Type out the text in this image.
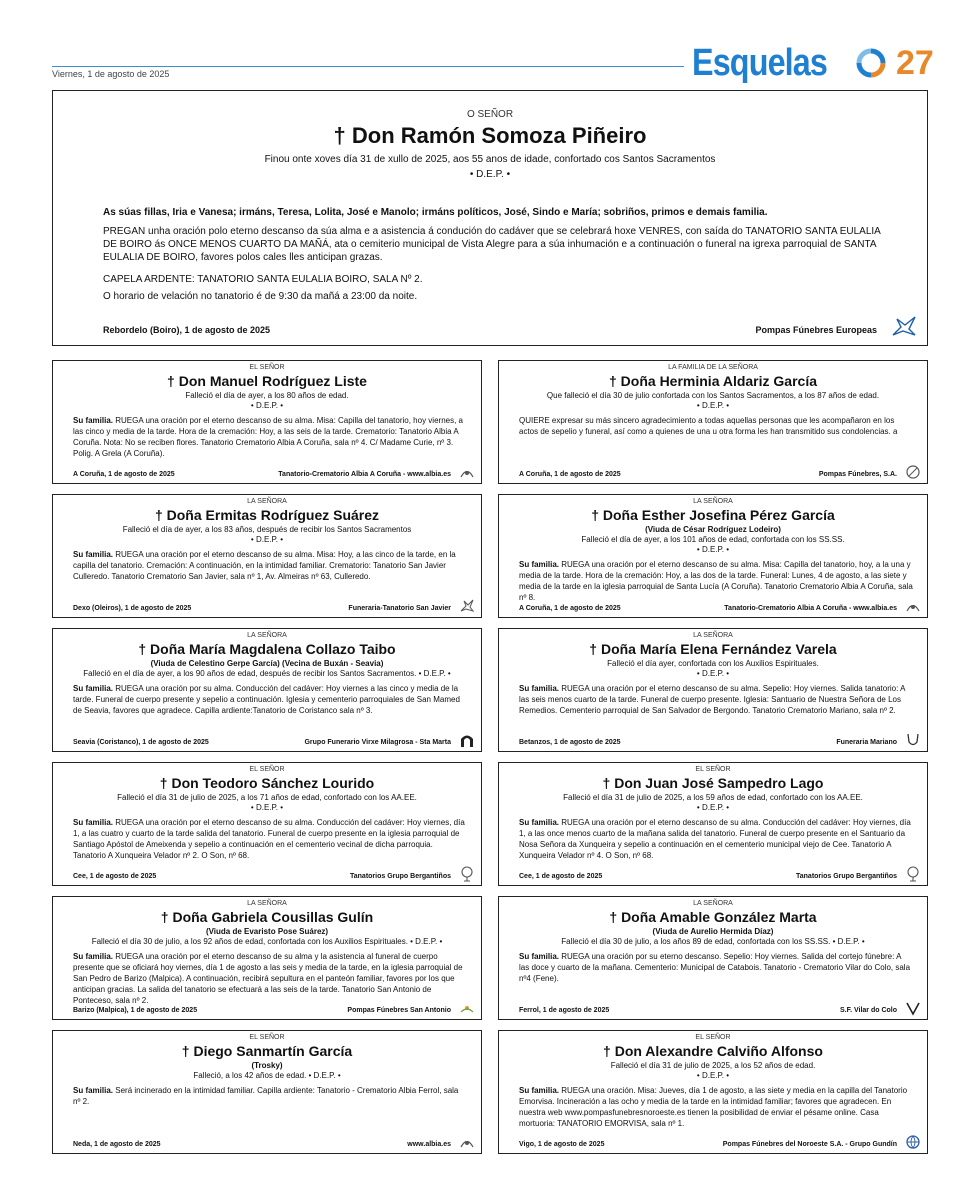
Viernes, 1 de agosto de 2025	Esquelas 27
O SEÑOR
† Don Ramón Somoza Piñeiro
Finou onte xoves día 31 de xullo de 2025, aos 55 anos de idade, confortado cos Santos Sacramentos
• D.E.P. •
As súas fillas, Iria e Vanesa; irmáns, Teresa, Lolita, José e Manolo; irmáns políticos, José, Sindo e María; sobriños, primos e demais familia.
PREGAN unha oración polo eterno descanso da súa alma e a asistencia á condución do cadáver que se celebrará hoxe VENRES, con saída do TANATORIO SANTA EULALIA DE BOIRO ás ONCE MENOS CUARTO DA MAÑÁ, ata o cemiterio municipal de Vista Alegre para a súa inhumación e a continuación o funeral na igrexa parroquial de SANTA EULALIA DE BOIRO, favores polos cales lles anticipan grazas.
CAPELA ARDENTE: TANATORIO SANTA EULALIA BOIRO, SALA Nº 2.
O horario de velación no tanatorio é de 9:30 da mañá a 23:00 da noite.
Rebordelo (Boiro), 1 de agosto de 2025	Pompas Fúnebres Europeas
EL SEÑOR
† Don Manuel Rodríguez Liste
Falleció el día de ayer, a los 80 años de edad.
• D.E.P. •
Su familia. RUEGA una oración por el eterno descanso de su alma. Misa: Capilla del tanatorio, hoy viernes, a las cinco y media de la tarde. Hora de la cremación: Hoy, a las seis de la tarde. Crematorio: Tanatorio Albia A Coruña. Nota: No se reciben flores. Tanatorio Crematorio Albia A Coruña, sala nº 4. C/ Madame Curie, nº 3. Polig. A Grela (A Coruña).
A Coruña, 1 de agosto de 2025	Tanatorio-Crematorio Albia A Coruña - www.albia.es
LA FAMILIA DE LA SEÑORA
† Doña Herminia Aldariz García
Que falleció el día 30 de julio confortada con los Santos Sacramentos, a los 87 años de edad.
• D.E.P. •
QUIERE expresar su más sincero agradecimiento a todas aquellas personas que les acompañaron en los actos de sepelio y funeral, así como a quienes de una u otra forma les han transmitido sus condolencias. a
A Coruña, 1 de agosto de 2025	Pompas Fúnebres, S.A.
LA SEÑORA
† Doña Ermitas Rodríguez Suárez
Falleció el día de ayer, a los 83 años, después de recibir los Santos Sacramentos
• D.E.P. •
Su familia. RUEGA una oración por el eterno descanso de su alma. Misa: Hoy, a las cinco de la tarde, en la capilla del tanatorio. Cremación: A continuación, en la intimidad familiar. Crematorio: Tanatorio San Javier Culleredo. Tanatorio Crematorio San Javier, sala nº 1, Av. Almeiras nº 63, Culleredo.
Dexo (Oleiros), 1 de agosto de 2025	Funeraria-Tanatorio San Javier
LA SEÑORA
† Doña Esther Josefina Pérez García
(Viuda de César Rodríguez Lodeiro)
Falleció el día de ayer, a los 101 años de edad, confortada con los SS.SS.
• D.E.P. •
Su familia. RUEGA una oración por el eterno descanso de su alma. Misa: Capilla del tanatorio, hoy, a la una y media de la tarde. Hora de la cremación: Hoy, a las dos de la tarde. Funeral: Lunes, 4 de agosto, a las siete y media de la tarde en la iglesia parroquial de Santa Lucía (A Coruña). Tanatorio Crematorio Albia A Coruña, sala nº 8.
A Coruña, 1 de agosto de 2025	Tanatorio-Crematorio Albia A Coruña - www.albia.es
LA SEÑORA
† Doña María Magdalena Collazo Taibo
(Viuda de Celestino Gerpe García) (Vecina de Buxán - Seavia)
Falleció en el día de ayer, a los 90 años de edad, después de recibir los Santos Sacramentos. • D.E.P. •
Su familia. RUEGA una oración por su alma. Conducción del cadáver: Hoy viernes a las cinco y media de la tarde. Funeral de cuerpo presente y sepelio a continuación. Iglesia y cementerio parroquiales de San Mamed de Seavia, favores que agradece. Capilla ardiente:Tanatorio de Coristanco sala nº 3.
Seavia (Coristanco), 1 de agosto de 2025	Grupo Funerario Virxe Milagrosa - Sta Marta
LA SEÑORA
† Doña María Elena Fernández Varela
Falleció el día ayer, confortada con los Auxilios Espirituales.
• D.E.P. •
Su familia. RUEGA una oración por el eterno descanso de su alma. Sepelio: Hoy viernes. Salida tanatorio: A las seis menos cuarto de la tarde. Funeral de cuerpo presente. Iglesia: Santuario de Nuestra Señora de Los Remedios. Cementerio parroquial de San Salvador de Bergondo. Tanatorio Crematorio Mariano, sala nº 2.
Betanzos, 1 de agosto de 2025	Funeraria Mariano
EL SEÑOR
† Don Teodoro Sánchez Lourido
Falleció el día 31 de julio de 2025, a los 71 años de edad, confortado con los AA.EE.
• D.E.P. •
Su familia. RUEGA una oración por el eterno descanso de su alma. Conducción del cadáver: Hoy viernes, día 1, a las cuatro y cuarto de la tarde salida del tanatorio. Funeral de cuerpo presente en la iglesia parroquial de Santiago Apóstol de Ameixenda y sepelio a continuación en el cementerio vecinal de dicha parroquia. Tanatorio A Xunqueira Velador nº 2. O Son, nº 68.
Cee, 1 de agosto de 2025	Tanatorios Grupo Bergantiños
EL SEÑOR
† Don Juan José Sampedro Lago
Falleció el día 31 de julio de 2025, a los 59 años de edad, confortado con los AA.EE.
• D.E.P. •
Su familia. RUEGA una oración por el eterno descanso de su alma. Conducción del cadáver: Hoy viernes, día 1, a las once menos cuarto de la mañana salida del tanatorio. Funeral de cuerpo presente en el Santuario da Nosa Señora da Xunqueira y sepelio a continuación en el cementerio municipal viejo de Cee. Tanatorio A Xunqueira Velador nº 4. O Son, nº 68.
Cee, 1 de agosto de 2025	Tanatorios Grupo Bergantiños
LA SEÑORA
† Doña Gabriela Cousillas Gulín
(Viuda de Evaristo Pose Suárez)
Falleció el día 30 de julio, a los 92 años de edad, confortada con los Auxilios Espirituales. • D.E.P. •
Su familia. RUEGA una oración por el eterno descanso de su alma y la asistencia al funeral de cuerpo presente que se oficiará hoy viernes, día 1 de agosto a las seis y media de la tarde, en la iglesia parroquial de San Pedro de Barizo (Malpica). A continuación, recibirá sepultura en el panteón familiar, favores por los que anticipan gracias. La salida del tanatorio se efectuará a las seis de la tarde. Tanatorio San Antonio de Ponteceso, sala nº 2.
Barizo (Malpica), 1 de agosto de 2025	Pompas Fúnebres San Antonio
LA SEÑORA
† Doña Amable González Marta
(Viuda de Aurelio Hermida Díaz)
Falleció el día 30 de julio, a los años 89 de edad, confortada con los SS.SS. • D.E.P. •
Su familia. RUEGA una oración por su eterno descanso. Sepelio: Hoy viernes. Salida del cortejo fúnebre: A las doce y cuarto de la mañana. Cementerio: Municipal de Catabois. Tanatorio - Crematorio Vilar do Colo, sala nº4 (Fene).
Ferrol, 1 de agosto de 2025	S.F. Vilar do Colo
EL SEÑOR
† Diego Sanmartín García
(Trosky)
Falleció, a los 42 años de edad. • D.E.P. •
Su familia. Será incinerado en la intimidad familiar. Capilla ardiente: Tanatorio - Crematorio Albia Ferrol, sala nº 2.
Neda, 1 de agosto de 2025	www.albia.es
EL SEÑOR
† Don Alexandre Calviño Alfonso
Falleció el día 31 de julio de 2025, a los 52 años de edad.
• D.E.P. •
Su familia. RUEGA una oración. Misa: Jueves, día 1 de agosto, a las siete y media en la capilla del Tanatorio Emorvisa. Incineración a las ocho y media de la tarde en la intimidad familiar; favores que agradecen. En nuestra web www.pompasfunebresnoroeste.es tienen la posibilidad de enviar el pésame online. Casa mortuoria: TANATORIO EMORVISA, sala nº 1.
Vigo, 1 de agosto de 2025	Pompas Fúnebres del Noroeste S.A. - Grupo Gundín
